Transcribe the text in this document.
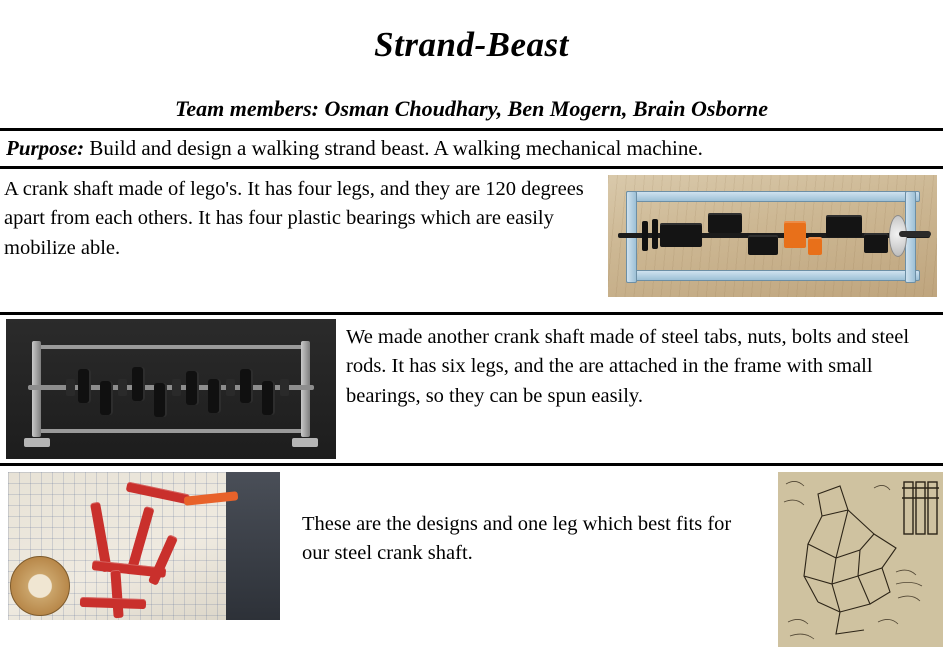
Strand-Beast
Team members: Osman Choudhary, Ben Mogern, Brain Osborne
Purpose: Build and design a walking strand beast. A walking mechanical machine.
A crank shaft made of lego's. It has four legs, and they are 120 degrees apart from each others. It has four plastic bearings which are easily mobilize able.
We made another crank shaft made of steel tabs, nuts, bolts and steel rods. It has six legs, and the are attached in the frame with small bearings, so they can be spun easily.
These are the designs and one leg which best fits for our steel crank shaft.
